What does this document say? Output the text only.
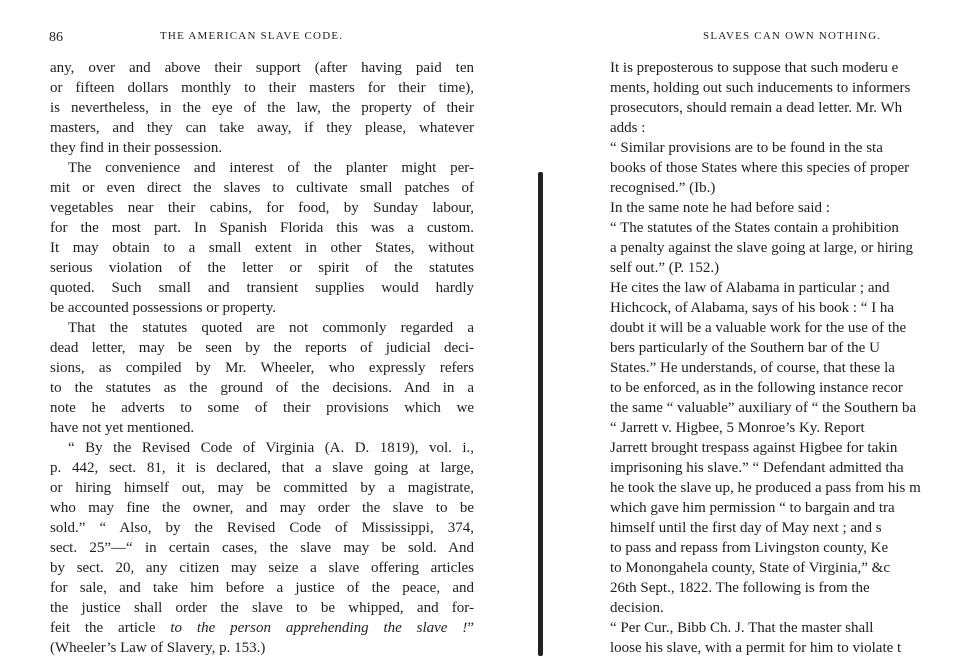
86	THE AMERICAN SLAVE CODE.
any, over and above their support (after having paid ten
or fifteen dollars monthly to their masters for their time),
is nevertheless, in the eye of the law, the property of their
masters, and they can take away, if they please, whatever
they find in their possession.
The convenience and interest of the planter might per-
mit or even direct the slaves to cultivate small patches of
vegetables near their cabins, for food, by Sunday labour,
for the most part. In Spanish Florida this was a custom.
It may obtain to a small extent in other States, without
serious violation of the letter or spirit of the statutes
quoted. Such small and transient supplies would hardly
be accounted possessions or property.
That the statutes quoted are not commonly regarded a
dead letter, may be seen by the reports of judicial deci-
sions, as compiled by Mr. Wheeler, who expressly refers
to the statutes as the ground of the decisions. And in a
note he adverts to some of their provisions which we
have not yet mentioned.
“ By the Revised Code of Virginia (A. D. 1819), vol. i.,
p. 442, sect. 81, it is declared, that a slave going at large,
or hiring himself out, may be committed by a magistrate,
who may fine the owner, and may order the slave to be
sold.” “ Also, by the Revised Code of Mississippi, 374,
sect. 25”—“ in certain cases, the slave may be sold. And
by sect. 20, any citizen may seize a slave offering articles
for sale, and take him before a justice of the peace, and
the justice shall order the slave to be whipped, and for-
feit the article to the person apprehending the slave !”
(Wheeler’s Law of Slavery, p. 153.)
SLAVES CAN OWN NOTHING.
It is preposterous to suppose that such moderu e
ments, holding out such inducements to informers
prosecutors, should remain a dead letter. Mr. Wh
adds :
“ Similar provisions are to be found in the sta
books of those States where this species of proper
recognised.” (Ib.)
In the same note he had before said :
“ The statutes of the States contain a prohibition
a penalty against the slave going at large, or hiring
self out.” (P. 152.)
He cites the law of Alabama in particular ; and
Hichcock, of Alabama, says of his book : “ I ha
doubt it will be a valuable work for the use of the
bers particularly of the Southern bar of the U
States.” He understands, of course, that these la
to be enforced, as in the following instance recor
the same “ valuable” auxiliary of “ the Southern ba
“ Jarrett v. Higbee, 5 Monroe’s Ky. Report
Jarrett brought trespass against Higbee for takin
imprisoning his slave.” “ Defendant admitted tha
he took the slave up, he produced a pass from his m
which gave him permission “ to bargain and tra
himself until the first day of May next ; and s
to pass and repass from Livingston county, Ke
to Monongahela county, State of Virginia,” &c
26th Sept., 1822. The following is from the
decision.
“ Per Cur., Bibb Ch. J. That the master shall
loose his slave, with a permit for him to violate t
